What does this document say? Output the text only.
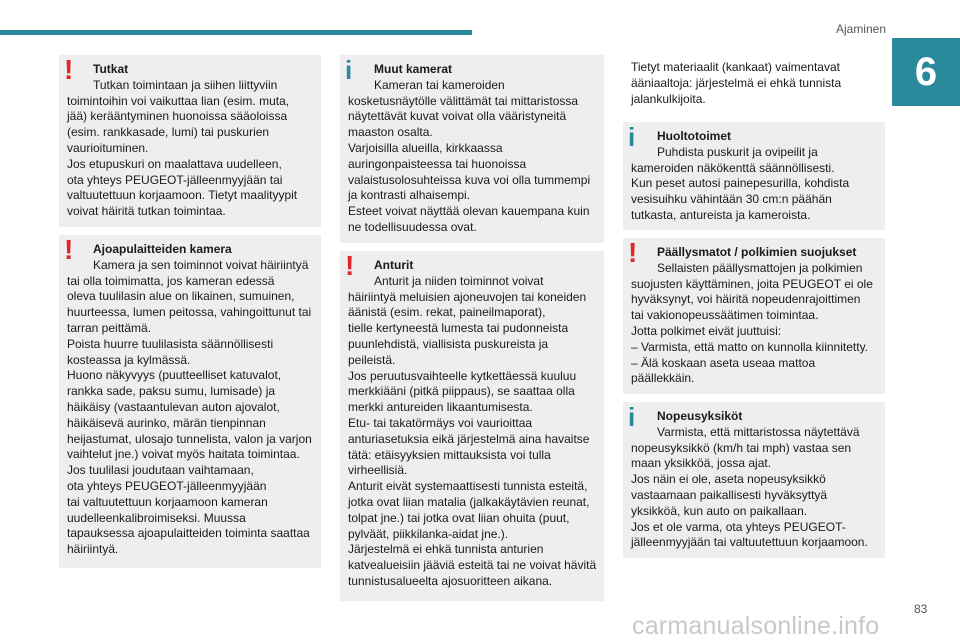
Ajaminen
6
! Tutkat
Tutkan toimintaan ja siihen liittyviin
toimintoihin voi vaikuttaa lian (esim. muta,
jää) kerääntyminen huonoissa sääoloissa
(esim. rankkasade, lumi) tai puskurien
vaurioituminen.
Jos etupuskuri on maalattava uudelleen,
ota yhteys PEUGEOT-jälleenmyyjään tai
valtuutettuun korjaamoon. Tietyt maalityypit
voivat häiritä tutkan toimintaa.
! Ajoapulaitteiden kamera
Kamera ja sen toiminnot voivat häiriintyä
tai olla toimimatta, jos kameran edessä
oleva tuulilasin alue on likainen, sumuinen,
huurteessa, lumen peitossa, vahingoittunut tai
tarran peittämä.
Poista huurre tuulilasista säännöllisesti
kosteassa ja kylmässä.
Huono näkyvyys (puutteelliset katuvalot,
rankka sade, paksu sumu, lumisade) ja
häikäisy (vastaantulevan auton ajovalot,
häikäisevä aurinko, märän tienpinnan
heijastumat, ulosajo tunnelista, valon ja varjon
vaihtelut jne.) voivat myös haitata toimintaa.
Jos tuulilasi joudutaan vaihtamaan,
ota yhteys PEUGEOT-jälleenmyyjään
tai valtuutettuun korjaamoon kameran
uudelleenkalibroimiseksi. Muussa
tapauksessa ajoapulaitteiden toiminta saattaa
häiriintyä.
i Muut kamerat
Kameran tai kameroiden
kosketusnäytölle välittämät tai mittaristossa
näytettävät kuvat voivat olla vääristyneitä
maaston osalta.
Varjoisilla alueilla, kirkkaassa
auringonpaisteessa tai huonoissa
valaistusolosuhteissa kuva voi olla tummempi
ja kontrasti alhaisempi.
Esteet voivat näyttää olevan kauempana kuin
ne todellisuudessa ovat.
! Anturit
Anturit ja niiden toiminnot voivat
häiriintyä meluisien ajoneuvojen tai koneiden
äänistä (esim. rekat, paineilmaporat),
tielle kertyneestä lumesta tai pudonneista
puunlehdistä, viallisista puskureista ja
peileistä.
Jos peruutusvaihteelle kytkettäessä kuuluu
merkkiääni (pitkä piippaus), se saattaa olla
merkki antureiden likaantumisesta.
Etu- tai takatörmäys voi vaurioittaa
anturiasetuksia eikä järjestelmä aina havaitse
tätä: etäisyyksien mittauksista voi tulla
virheellisiä.
Anturit eivät systemaattisesti tunnista esteitä,
jotka ovat liian matalia (jalkakäytävien reunat,
tolpat jne.) tai jotka ovat liian ohuita (puut,
pylväät, piikkilanka-aidat jne.).
Järjestelmä ei ehkä tunnista anturien
katvealueisiin jääviä esteitä tai ne voivat hävitä
tunnistusalueelta ajosuoritteen aikana.
Tietyt materiaalit (kankaat) vaimentavat
ääniaaltoja: järjestelmä ei ehkä tunnista
jalankulkijoita.
i Huoltotoimet
Puhdista puskurit ja ovipeilit ja
kameroiden näkökenttä säännöllisesti.
Kun peset autosi painepesurilla, kohdista
vesisuihku vähintään 30 cm:n päähän
tutkasta, antureista ja kameroista.
! Päällysmatot / polkimien suojukset
Sellaisten päällysmattojen ja polkimien
suojusten käyttäminen, joita PEUGEOT ei ole
hyväksynyt, voi häiritä nopeudenrajoittimen
tai vakionopeussäätimen toimintaa.
Jotta polkimet eivät juuttuisi:
– Varmista, että matto on kunnolla kiinnitetty.
– Älä koskaan aseta useaa mattoa
päällekkäin.
i Nopeusyksiköt
Varmista, että mittaristossa näytettävä
nopeusyksikkö (km/h tai mph) vastaa sen
maan yksikköä, jossa ajat.
Jos näin ei ole, aseta nopeusyksikkö
vastaamaan paikallisesti hyväksyttyä
yksikköä, kun auto on paikallaan.
Jos et ole varma, ota yhteys PEUGEOT-
jälleenmyyjään tai valtuutettuun korjaamoon.
83
carmanualsonline.info
